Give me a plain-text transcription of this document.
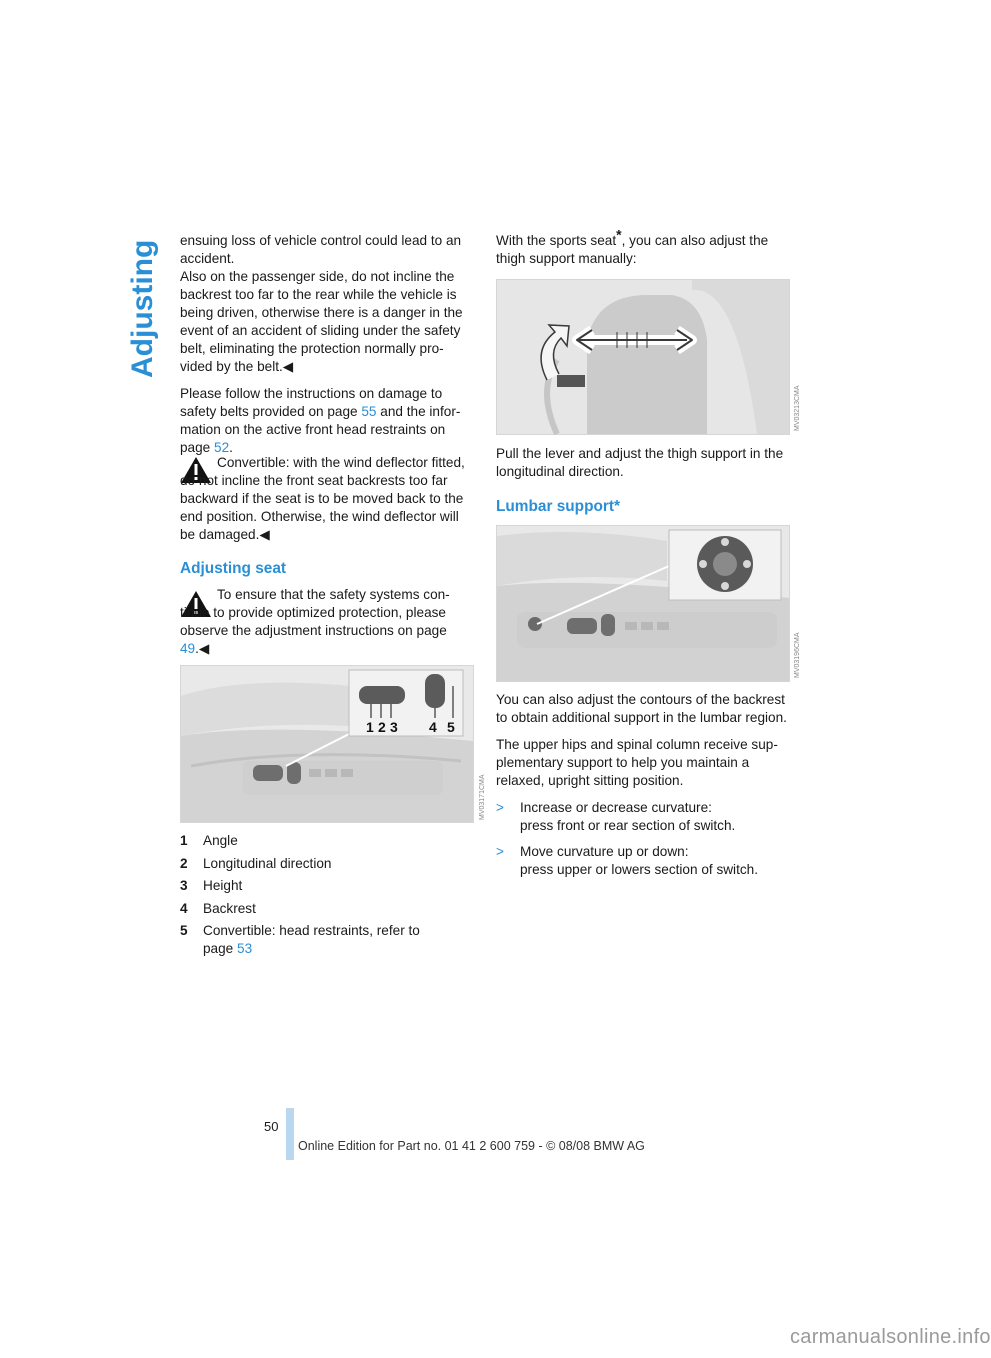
Adjusting ensuing loss of vehicle control could lead to an accident.

Also on the passenger side, do not incline the backrest too far to the rear while the vehicle is being driven, otherwise there is a danger in the event of an accident of sliding under the safety belt, eliminating the protection normally pro-vided by the belt.◀

Please follow the instructions on damage to safety belts provided on page 55 and the infor-mation on the active front head restraints on page 52.

Convertible: with the wind deflector fitted, do not incline the front seat backrests too far backward if the seat is to be moved back to the end position. Otherwise, the wind deflector will be damaged.◀

Adjusting seat

To ensure that the safety systems con-tinue to provide optimized protection, please observe the adjustment instructions on page 49.◀

1 2 3 4 5
MV03171CMA
1	Angle
2	Longitudinal direction
3	Height
4	Backrest
5	Convertible: head restraints, refer to page 53

With the sports seat*, you can also adjust the thigh support manually:

MV03213CMA

Pull the lever and adjust the thigh support in the longitudinal direction.

Lumbar support*
MV03196CMA

You can also adjust the contours of the backrest to obtain additional support in the lumbar region.

The upper hips and spinal column receive sup-plementary support to help you maintain a relaxed, upright sitting position.

>	Increase or decrease curvature:
press front or rear section of switch.
>	Move curvature up or down:
press upper or lowers section of switch.
50
Online Edition for Part no. 01 41 2 600 759 - © 08/08 BMW AG
carmanualsonline.info
